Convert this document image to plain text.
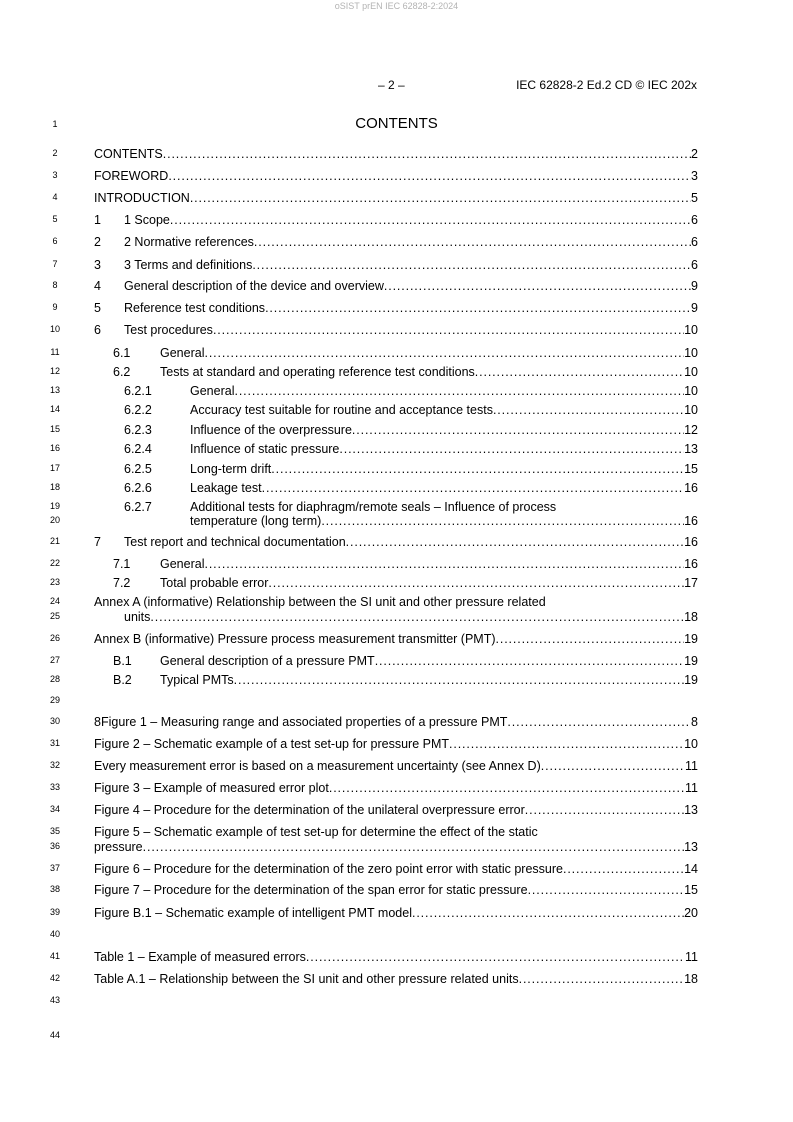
oSIST prEN IEC 62828-2:2024
– 2 –	IEC 62828-2 Ed.2 CD © IEC 202x
CONTENTS
1
2
3
4
5
6
7
8
9
10
11
12
13
14
15
16
17
18
19
20
21
22
23
24
25
26
27
28
29
30
31
32
33
34
35
36
37
38
39
40
41
42
43
44
CONTENTS . . .	2
FOREWORD . . .	3
INTRODUCTION . . .	5
1 1 Scope . . .	6
2 2 Normative references . . .	6
3 3 Terms and definitions . . .	6
4 General description of the device and overview . . .	9
5 Reference test conditions . . .	9
6 Test procedures . . .	10
6.1 General . . .	10
6.2 Tests at standard and operating reference test conditions . . .	10
6.2.1	General . . .	10
6.2.2	Accuracy test suitable for routine and acceptance tests . . .	10
6.2.3	Influence of the overpressure . . .	12
6.2.4	Influence of static pressure . . .	13
6.2.5	Long-term drift . . .	15
6.2.6	Leakage test . . .	16
6.2.7	Additional tests for diaphragm/remote seals – Influence of process
temperature (long term) . . .	16
7 Test report and technical documentation . . .	16
7.1 General . . .	16
7.2 Total probable error . . .	17
Annex A (informative) Relationship between the SI unit and other pressure related
units . . .	18
Annex B (informative) Pressure process measurement transmitter (PMT) . . .	19
B.1 General description of a pressure PMT . . .	19
B.2 Typical PMTs . . .	19
8Figure 1 – Measuring range and associated properties of a pressure PMT . . .	8
Figure 2 – Schematic example of a test set-up for pressure PMT . . .	10
Every measurement error is based on a measurement uncertainty (see Annex D) . . .	11
Figure 3 – Example of measured error plot . . .	11
Figure 4 – Procedure for the determination of the unilateral overpressure error . . .	13
Figure 5 – Schematic example of test set-up for determine the effect of the static
pressure . . .	13
Figure 6 – Procedure for the determination of the zero point error with static pressure . . .	14
Figure 7 – Procedure for the determination of the span error for static pressure . . .	15
Figure B.1 – Schematic example of intelligent PMT model . . .	20
Table 1 – Example of measured errors . . .	11
Table A.1 – Relationship between the SI unit and other pressure related units . . .	18
